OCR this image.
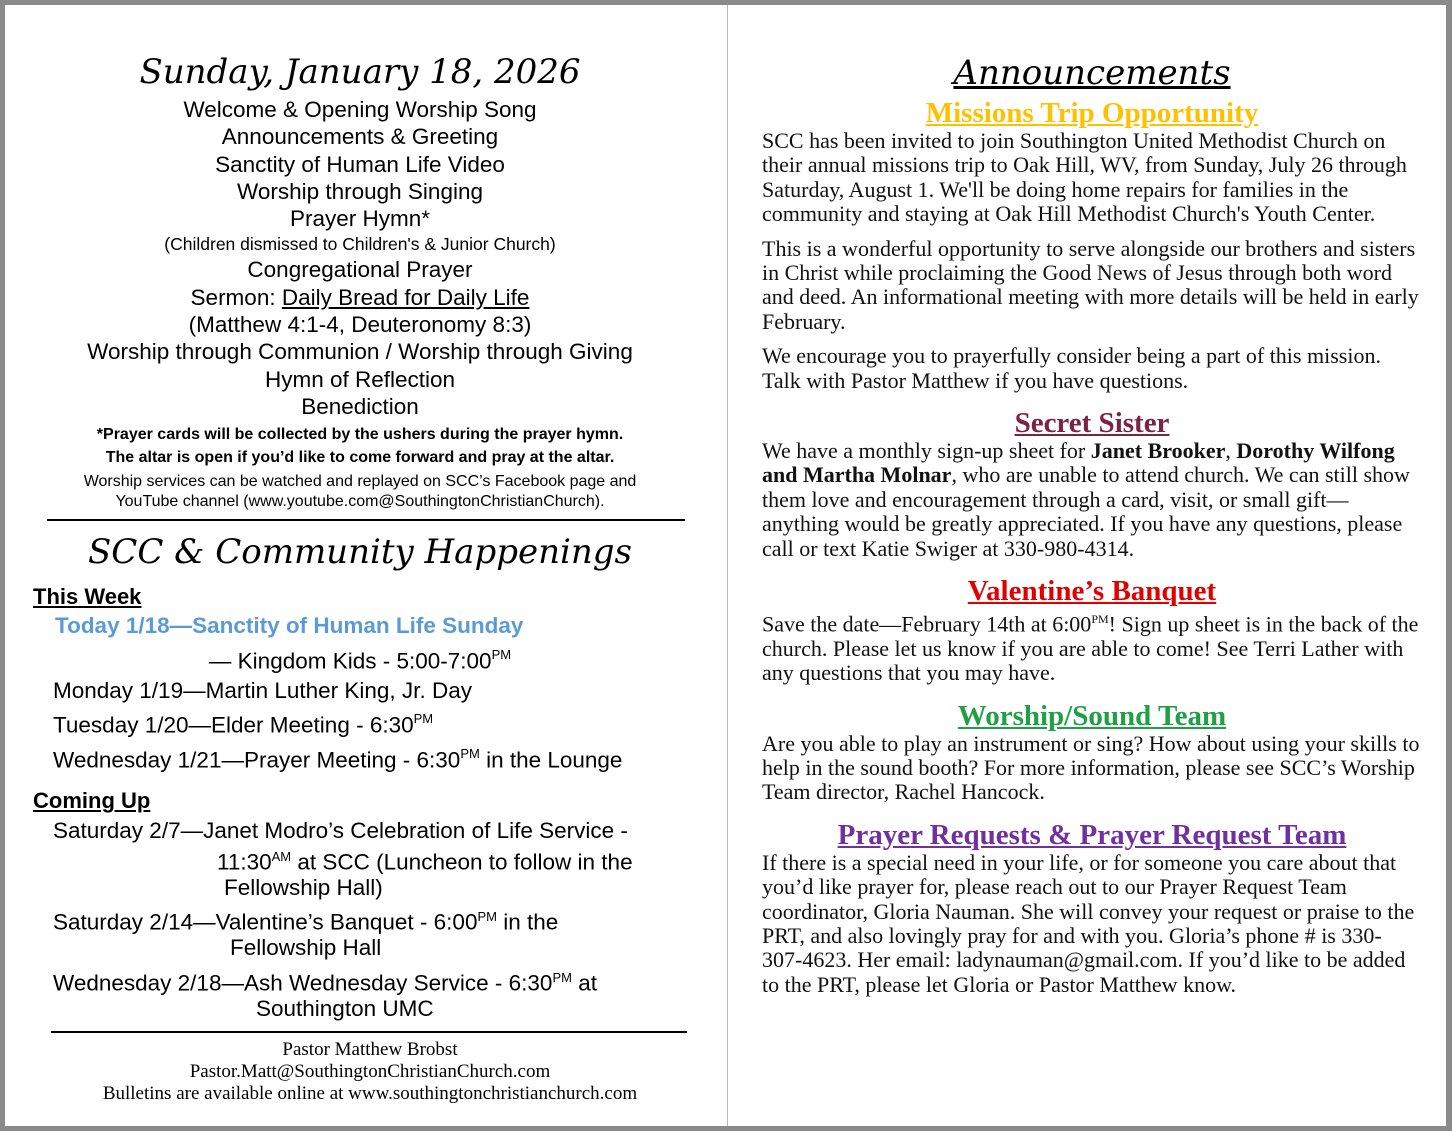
Sunday, January 18, 2026
Welcome & Opening Worship Song
Announcements & Greeting
Sanctity of Human Life Video
Worship through Singing
Prayer Hymn*
(Children dismissed to Children's & Junior Church)
Congregational Prayer
Sermon: Daily Bread for Daily Life
(Matthew 4:1-4, Deuteronomy 8:3)
Worship through Communion / Worship through Giving
Hymn of Reflection
Benediction
*Prayer cards will be collected by the ushers during the prayer hymn.
The altar is open if you’d like to come forward and pray at the altar.
Worship services can be watched and replayed on SCC’s Facebook page and
YouTube channel (www.youtube.com@SouthingtonChristianChurch).
SCC & Community Happenings
This Week
Today 1/18—Sanctity of Human Life Sunday
— Kingdom Kids - $5:00-7:00^{PM}$
Monday 1/19—Martin Luther King, Jr. Day
Tuesday 1/20—Elder Meeting - $6:30^{PM}$
Wednesday 1/21—Prayer Meeting - $6:30^{PM}$ in the Lounge
Coming Up
Saturday 2/7—Janet Modro’s Celebration of Life Service -
$11:30^{AM}$ at SCC (Luncheon to follow in the
Fellowship Hall)
Saturday 2/14—Valentine’s Banquet - $6:00^{PM}$ in the
Fellowship Hall
Wednesday 2/18—Ash Wednesday Service - $6:30^{PM}$ at
Southington UMC
Pastor Matthew Brobst
Pastor.Matt@SouthingtonChristianChurch.com
Bulletins are available online at www.southingtonchristianchurch.com
Announcements
Missions Trip Opportunity
SCC has been invited to join Southington United Methodist Church on their annual missions trip to Oak Hill, WV, from Sunday, July 26 through Saturday, August 1. We'll be doing home repairs for families in the community and staying at Oak Hill Methodist Church's Youth Center.
This is a wonderful opportunity to serve alongside our brothers and sisters in Christ while proclaiming the Good News of Jesus through both word and deed. An informational meeting with more details will be held in early February.
We encourage you to prayerfully consider being a part of this mission. Talk with Pastor Matthew if you have questions.
Secret Sister
We have a monthly sign-up sheet for Janet Brooker, Dorothy Wilfong and Martha Molnar, who are unable to attend church. We can still show them love and encouragement through a card, visit, or small gift—anything would be greatly appreciated. If you have any questions, please call or text Katie Swiger at 330-980-4314.
Valentine’s Banquet
Save the date—February 14th at $6:00^{PM}$! Sign up sheet is in the back of the church. Please let us know if you are able to come! See Terri Lather with any questions that you may have.
Worship/Sound Team
Are you able to play an instrument or sing? How about using your skills to help in the sound booth? For more information, please see SCC’s Worship Team director, Rachel Hancock.
Prayer Requests & Prayer Request Team
If there is a special need in your life, or for someone you care about that you’d like prayer for, please reach out to our Prayer Request Team coordinator, Gloria Nauman. She will convey your request or praise to the PRT, and also lovingly pray for and with you. Gloria’s phone # is 330-307-4623. Her email: ladynauman@gmail.com. If you’d like to be added to the PRT, please let Gloria or Pastor Matthew know.
